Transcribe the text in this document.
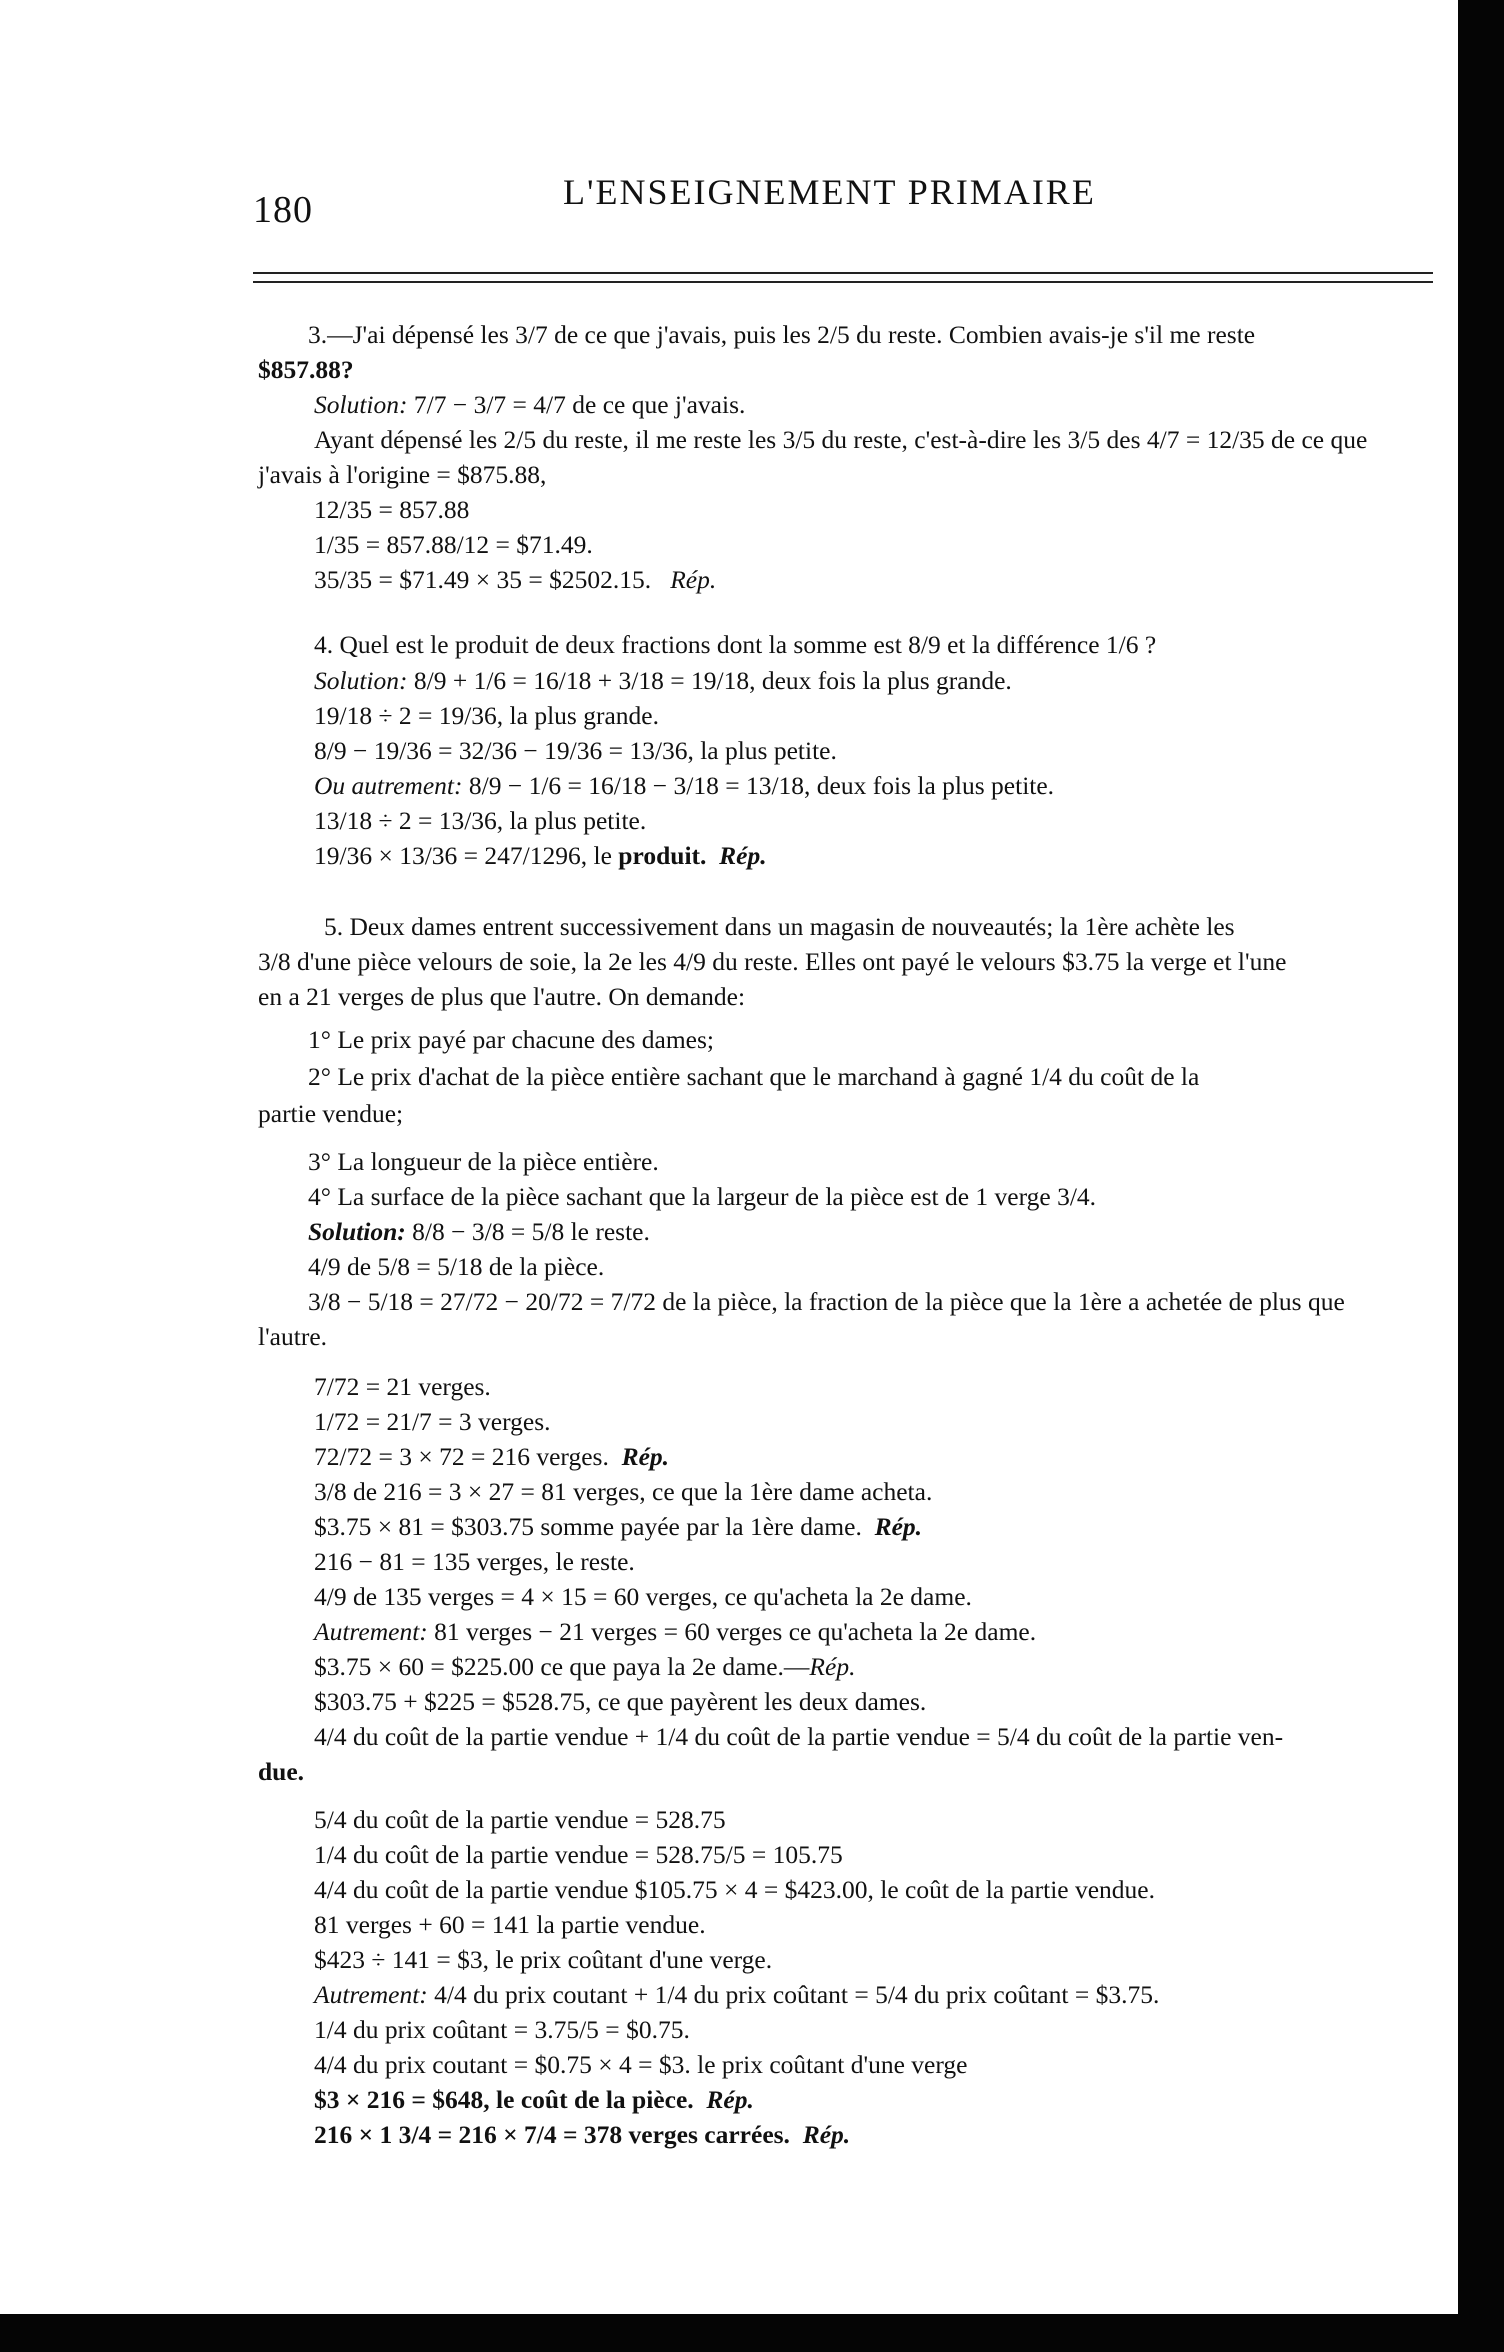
180	L'ENSEIGNEMENT PRIMAIRE
3.—J'ai dépensé les 3/7 de ce que j'avais, puis les 2/5 du reste. Combien avais-je s'il me reste
$857.88?
Solution: 7/7 − 3/7 = 4/7 de ce que j'avais.
Ayant dépensé les 2/5 du reste, il me reste les 3/5 du reste, c'est-à-dire les 3/5 des 4/7 = 12/35 de ce que
j'avais à l'origine = $875.88,
12/35 = 857.88
1/35 = 857.88/12 = $71.49.
35/35 = $71.49 × 35 = $2502.15. Rép.
4. Quel est le produit de deux fractions dont la somme est 8/9 et la différence 1/6 ?
Solution: 8/9 + 1/6 = 16/18 + 3/18 = 19/18, deux fois la plus grande.
19/18 ÷ 2 = 19/36, la plus grande.
8/9 − 19/36 = 32/36 − 19/36 = 13/36, la plus petite.
Ou autrement: 8/9 − 1/6 = 16/18 − 3/18 = 13/18, deux fois la plus petite.
13/18 ÷ 2 = 13/36, la plus petite.
19/36 × 13/36 = 247/1296, le produit. Rép.
5. Deux dames entrent successivement dans un magasin de nouveautés; la 1ère achète les
3/8 d'une pièce velours de soie, la 2e les 4/9 du reste. Elles ont payé le velours $3.75 la verge et l'une
en a 21 verges de plus que l'autre. On demande:
1° Le prix payé par chacune des dames;
2° Le prix d'achat de la pièce entière sachant que le marchand à gagné 1/4 du coût de la
partie vendue;
3° La longueur de la pièce entière.
4° La surface de la pièce sachant que la largeur de la pièce est de 1 verge 3/4.
Solution: 8/8 − 3/8 = 5/8 le reste.
4/9 de 5/8 = 5/18 de la pièce.
3/8 − 5/18 = 27/72 − 20/72 = 7/72 de la pièce, la fraction de la pièce que la 1ère a achetée de plus que
l'autre.
7/72 = 21 verges.
1/72 = 21/7 = 3 verges.
72/72 = 3 × 72 = 216 verges. Rép.
3/8 de 216 = 3 × 27 = 81 verges, ce que la 1ère dame acheta.
$3.75 × 81 = $303.75 somme payée par la 1ère dame. Rép.
216 − 81 = 135 verges, le reste.
4/9 de 135 verges = 4 × 15 = 60 verges, ce qu'acheta la 2e dame.
Autrement: 81 verges − 21 verges = 60 verges ce qu'acheta la 2e dame.
$3.75 × 60 = $225.00 ce que paya la 2e dame.—Rép.
$303.75 + $225 = $528.75, ce que payèrent les deux dames.
4/4 du coût de la partie vendue + 1/4 du coût de la partie vendue = 5/4 du coût de la partie ven-
due.
5/4 du coût de la partie vendue = 528.75
1/4 du coût de la partie vendue = 528.75/5 = 105.75
4/4 du coût de la partie vendue $105.75 × 4 = $423.00, le coût de la partie vendue.
81 verges + 60 = 141 la partie vendue.
$423 ÷ 141 = $3, le prix coûtant d'une verge.
Autrement: 4/4 du prix coutant + 1/4 du prix coûtant = 5/4 du prix coûtant = $3.75.
1/4 du prix coûtant = 3.75/5 = $0.75.
4/4 du prix coutant = $0.75 × 4 = $3. le prix coûtant d'une verge
$3 × 216 = $648, le coût de la pièce. Rép.
216 × 1 3/4 = 216 × 7/4 = 378 verges carrées. Rép.
